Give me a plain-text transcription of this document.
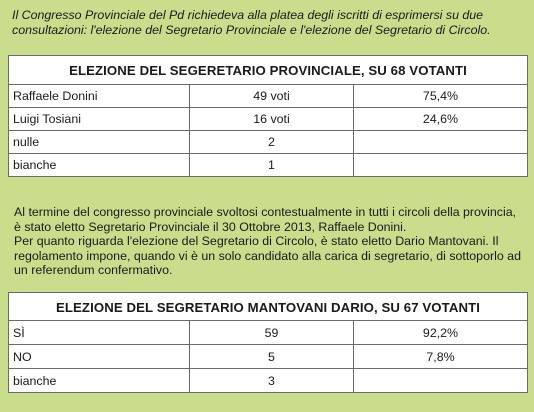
Il Congresso Provinciale del Pd richiedeva alla platea degli iscritti di esprimersi su due consultazioni: l'elezione del Segretario Provinciale e l'elezione del Segretario di Circolo.
ELEZIONE DEL SEGERETARIO PROVINCIALE, SU 68 VOTANTI
Raffaele Donini	49 voti	75,4%
Luigi Tosiani	16 voti	24,6%
nulle	2	
bianche	1	

Al termine del congresso provinciale svoltosi contestualmente in tutti i circoli della provincia, è stato eletto Segretario Provinciale il 30 Ottobre 2013, Raffaele Donini.

Per quanto riguarda l'elezione del Segretario di Circolo, è stato eletto Dario Mantovani. Il regolamento impone, quando vi è un solo candidato alla carica di segretario, di sottoporlo ad un referendum confermativo.

ELEZIONE DEL SEGRETARIO MANTOVANI DARIO, SU 67 VOTANTI
SÌ	59	92,2%
NO	5	7,8%
bianche	3	
